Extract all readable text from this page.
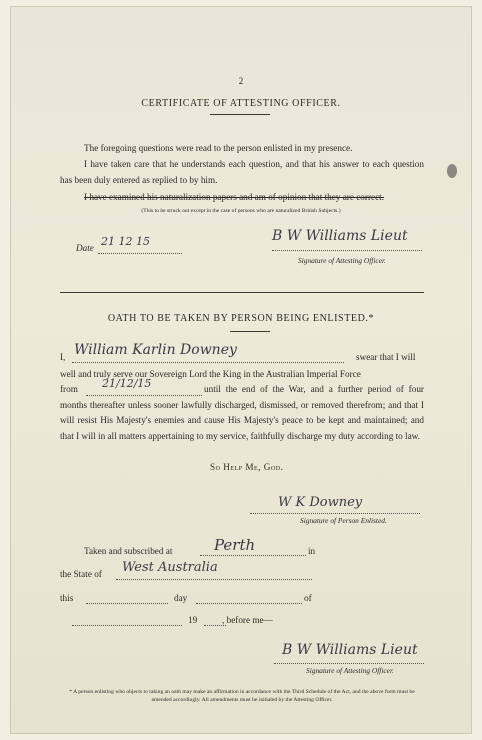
2
CERTIFICATE OF ATTESTING OFFICER.
The foregoing questions were read to the person enlisted in my presence.
I have taken care that he understands each question, and that his answer to each question has been duly entered as replied to by him.
I have examined his naturalization papers and am of opinion that they are correct.
(This to be struck out except in the case of persons who are naturalized British Subjects.)
Date 21 12 15	B W Williams Lieut
Signature of Attesting Officer.
OATH TO BE TAKEN BY PERSON BEING ENLISTED.*
I, William Karlin Downey	swear that I will
well and truly serve our Sovereign Lord the King in the Australian Imperial Force
from 21/12/15	until the end of the War, and a further period of four months thereafter unless sooner lawfully discharged, dismissed, or removed therefrom; and that I will resist His Majesty's enemies and cause His Majesty's peace to be kept and maintained; and that I will in all matters appertaining to my service, faithfully discharge my duty according to law.
So Help Me, God.
W K Downey
Signature of Person Enlisted.
Taken and subscribed at	Perth	in
the State of West Australia
this	day	of
19	, before me—
B W Williams Lieut
Signature of Attesting Officer.
* A person enlisting who objects to taking an oath may make an affirmation in accordance with the Third Schedule of the Act, and the above form must be amended accordingly. All amendments must be initialed by the Attesting Officer.
